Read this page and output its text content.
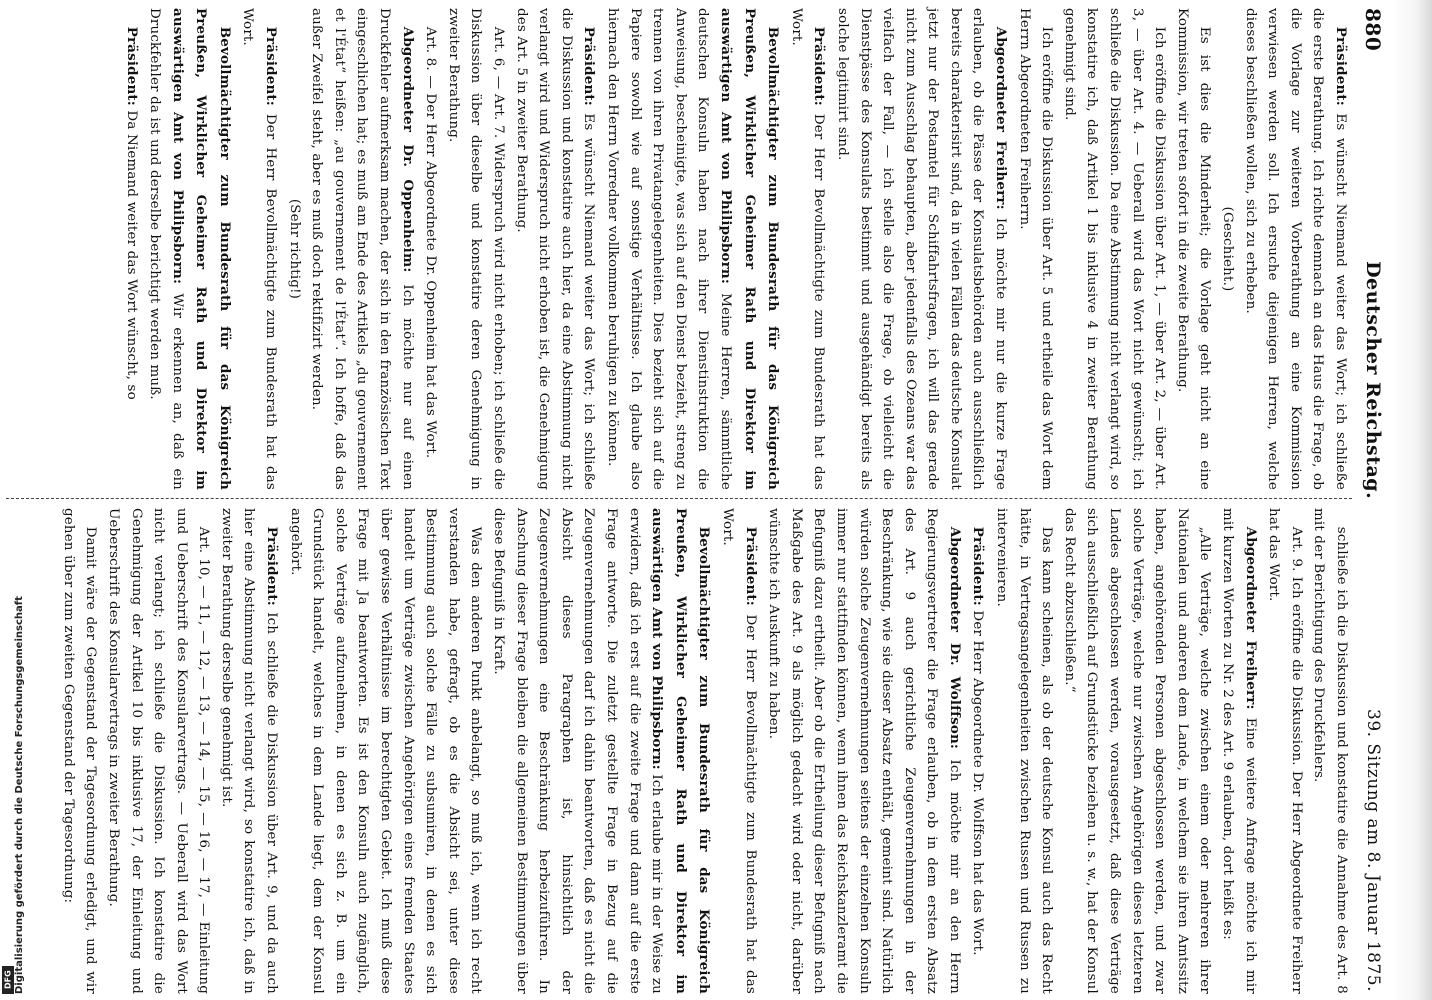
880
Deutscher Reichstag.
39. Sitzung am 8. Januar 1875.

Präsident: Es wünscht Niemand weiter das Wort; ich schließe die erste Berathung. Ich richte demnach an das Haus die Frage, ob die Vorlage zur weiteren Vorberathung an eine Kommission verwiesen werden soll. Ich ersuche diejenigen Herren, welche dieses beschließen wollen, sich zu erheben.

(Geschieht.)

Es ist dies die Minderheit; die Vorlage geht nicht an eine Kommission, wir treten sofort in die zweite Berathung.

Ich eröffne die Diskussion über Art. 1, — über Art. 2, — über Art. 3, — über Art. 4. — Ueberall wird das Wort nicht gewünscht; ich schließe die Diskussion. Da eine Abstimmung nicht verlangt wird, so konstatire ich, daß Artikel 1 bis inklusive 4 in zweiter Berathung genehmigt sind.

Ich eröffne die Diskussion über Art. 5 und ertheile das Wort dem Herrn Abgeordneten Freiherrn.

Abgeordneter Freiherr: Ich möchte mir nur die kurze Frage erlauben, ob die Pässe der Konsulatsbehörden auch ausschließlich bereits charakterisirt sind, da in vielen Fällen das deutsche Konsulat jetzt nur der Postamtel für Schiffahrtsfragen, ich will das gerade nicht zum Ausschlag behaupten, aber jedenfalls des Ozeans war das vielfach der Fall, — ich stelle also die Frage, ob vielleicht die Dienstpässe des Konsulats bestimmt und ausgehändigt bereits als solche legitimirt sind.

Präsident: Der Herr Bevollmächtigte zum Bundesrath hat das Wort.

Bevollmächtigter zum Bundesrath für das Königreich Preußen, Wirklicher Geheimer Rath und Direktor im auswärtigen Amt von Philipsborn: Meine Herren, sämmtliche deutschen Konsuln haben nach ihrer Dienstinstruktion die Anweisung, bescheinigte, was sich auf den Dienst bezieht, streng zu trennen von ihren Privatangelegenheiten. Dies bezieht sich auf die Papiere sowohl wie auf sonstige Verhältnisse. Ich glaube also hiernach den Herrn Vorredner vollkommen beruhigen zu können.

Präsident: Es wünscht Niemand weiter das Wort; ich schließe die Diskussion und konstatire auch hier, da eine Abstimmung nicht verlangt wird und Widerspruch nicht erhoben ist, die Genehmigung des Art. 5 in zweiter Berathung.

Art. 6, — Art. 7. Widerspruch wird nicht erhoben; ich schließe die Diskussion über dieselbe und konstatire deren Genehmigung in zweiter Berathung.

Art. 8. — Der Herr Abgeordnete Dr. Oppenheim hat das Wort.

Abgeordneter Dr. Oppenheim: Ich möchte nur auf einen Druckfehler aufmerksam machen, der sich in den französischen Text eingeschlichen hat; es muß am Ende des Artikels „du gouvernement et l'État“ heißen: „au gouvernement de l'État“. Ich hoffe, daß das außer Zweifel steht, aber es muß doch rektifizirt werden.

(Sehr richtig!)

Präsident: Der Herr Bevollmächtigte zum Bundesrath hat das Wort.

Bevollmächtigter zum Bundesrath für das Königreich Preußen, Wirklicher Geheimer Rath und Direktor im auswärtigen Amt von Philipsborn: Wir erkennen an, daß ein Druckfehler da ist und derselbe berichtigt werden muß.

Präsident: Da Niemand weiter das Wort wünscht, so

schließe ich die Diskussion und konstatire die Annahme des Art. 8 mit der Berichtigung des Druckfehlers.

Art. 9. Ich eröffne die Diskussion. Der Herr Abgeordnete Freiherr hat das Wort.

Abgeordneter Freiherr: Eine weitere Anfrage möchte ich mir mit kurzen Worten zu Nr. 2 des Art. 9 erlauben, dort heißt es:

„Alle Verträge, welche zwischen einem oder mehreren ihrer Nationalen und anderen dem Lande, in welchem sie ihren Amtssitz haben, angehörenden Personen abgeschlossen werden, und zwar solche Verträge, welche nur zwischen Angehörigen dieses letzteren Landes abgeschlossen werden, vorausgesetzt, daß diese Verträge sich ausschließlich auf Grundstücke beziehen u. s. w., hat der Konsul das Recht abzuschließen.“

Das kann scheinen, als ob der deutsche Konsul auch das Recht hätte, in Vertragsangelegenheiten zwischen Russen und Russen zu intervenieren.

Präsident: Der Herr Abgeordnete Dr. Wolffson hat das Wort.

Abgeordneter Dr. Wolffson: Ich möchte mir an den Herrn Regierungsvertreter die Frage erlauben, ob in dem ersten Absatz des Art. 9 auch gerichtliche Zeugenvernehmungen in der Beschränkung, wie sie dieser Absatz enthält, gemeint sind. Natürlich würden solche Zeugenvernehmungen seitens der einzelnen Konsuln immer nur stattfinden können, wenn ihnen das Reichskanzleramt die Befugniß dazu ertheilt. Aber ob die Ertheilung dieser Befugniß nach Maßgabe des Art. 9 als möglich gedacht wird oder nicht, darüber wünschte ich Auskunft zu haben.

Präsident: Der Herr Bevollmächtigte zum Bundesrath hat das Wort.

Bevollmächtigter zum Bundesrath für das Königreich Preußen, Wirklicher Geheimer Rath und Direktor im auswärtigen Amt von Philipsborn: Ich erlaube mir in der Weise zu erwidern, daß ich erst auf die zweite Frage und dann auf die erste Frage antworte. Die zuletzt gestellte Frage in Bezug auf die Zeugenvernehmungen darf ich dahin beantworten, daß es nicht die Absicht dieses Paragraphen ist, hinsichtlich der Zeugenvernehmungen eine Beschränkung herbeizuführen. In Anschung dieser Frage bleiben die allgemeinen Bestimmungen über diese Befugniß in Kraft.

Was den anderen Punkt anbelangt, so muß ich, wenn ich recht verstanden habe, gefragt, ob es die Absicht sei, unter diese Bestimmung auch solche Fälle zu subsumiren, in denen es sich handelt um Verträge zwischen Angehörigen eines fremden Staates über gewisse Verhältnisse im berechtigten Gebiet. Ich muß diese Frage mit Ja beantworten. Es ist den Konsuln auch zugänglich, solche Verträge aufzunehmen, in denen es sich z. B. um ein Grundstück handelt, welches in dem Lande liegt, dem der Konsul angehört.

Präsident: Ich schließe die Diskussion über Art. 9, und da auch hier eine Abstimmung nicht verlangt wird, so konstatire ich, daß in zweiter Berathung derselbe genehmigt ist.

Art. 10, — 11, — 12, — 13, — 14, — 15, — 16, — 17, — Einleitung und Ueberschrift des Konsularvertrags. — Ueberall wird das Wort nicht verlangt; ich schließe die Diskussion. Ich konstatire die Genehmigung der Artikel 10 bis inklusive 17, der Einleitung und Ueberschrift des Konsularvertrags in zweiter Berathung.

Damit wäre der Gegenstand der Tagesordnung erledigt, und wir gehen über zum zweiten Gegenstand der Tagesordnung:

DFG Digitalisierung gefördert durch die Deutsche Forschungsgemeinschaft
